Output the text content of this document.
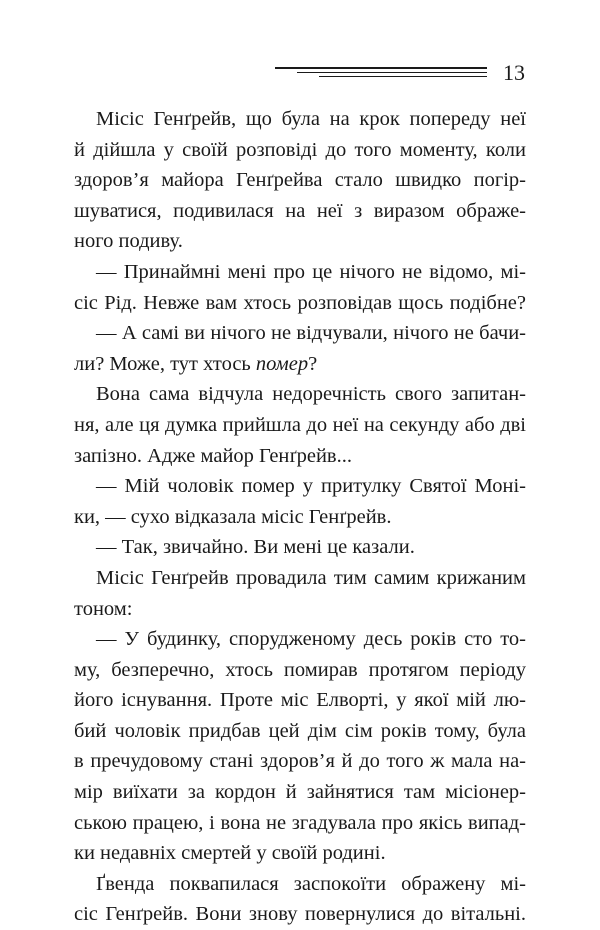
13
Місіс Генґрейв, що була на крок попереду неї
й дійшла у своїй розповіді до того моменту, коли
здоров’я майора Генґрейва стало швидко погір-
шуватися, подивилася на неї з виразом ображе-
ного подиву.
— Принаймні мені про це нічого не відомо, мі-
сіс Рід. Невже вам хтось розповідав щось подібне?
— А самі ви нічого не відчували, нічого не бачи-
ли? Може, тут хтось помер?
Вона сама відчула недоречність свого запитан-
ня, але ця думка прийшла до неї на секунду або дві
запізно. Адже майор Генґрейв...
— Мій чоловік помер у притулку Святої Моні-
ки, — сухо відказала місіс Генґрейв.
— Так, звичайно. Ви мені це казали.
Місіс Генґрейв провадила тим самим крижаним
тоном:
— У будинку, спорудженому десь років сто то-
му, безперечно, хтось помирав протягом періоду
його існування. Проте міс Елворті, у якої мій лю-
бий чоловік придбав цей дім сім років тому, була
в пречудовому стані здоров’я й до того ж мала на-
мір виїхати за кордон й зайнятися там місіонер-
ською працею, і вона не згадувала про якісь випад-
ки недавніх смертей у своїй родині.
Ґвенда поквапилася заспокоїти ображену мі-
сіс Генґрейв. Вони знову повернулися до вітальні.
